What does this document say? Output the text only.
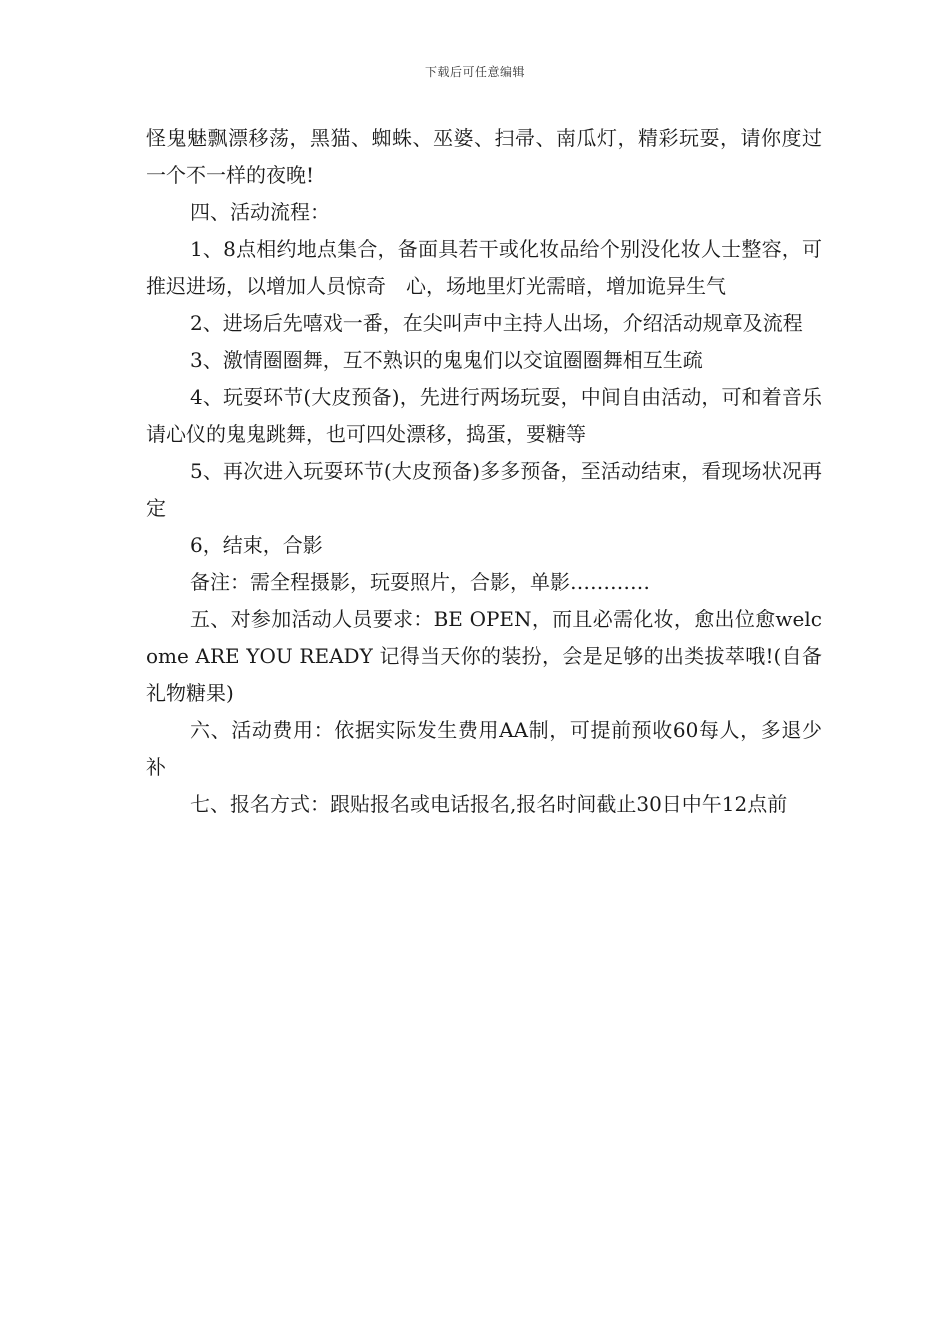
下载后可任意编辑

怪鬼魅飘漂移荡，黑猫、蜘蛛、巫婆、扫帚、南瓜灯，精彩玩耍，请你度过一个不一样的夜晚!

四、活动流程：

1、8点相约地点集合，备面具若干或化妆品给个别没化妆人士整容，可推迟进场，以增加人员惊奇　心，场地里灯光需暗，增加诡异生气

2、进场后先嘻戏一番，在尖叫声中主持人出场，介绍活动规章及流程

3、激情圈圈舞，互不熟识的鬼鬼们以交谊圈圈舞相互生疏

4、玩耍环节(大皮预备)，先进行两场玩耍，中间自由活动，可和着音乐请心仪的鬼鬼跳舞，也可四处漂移，捣蛋，要糖等

5、再次进入玩耍环节(大皮预备)多多预备，至活动结束，看现场状况再定

6，结束，合影

备注：需全程摄影，玩耍照片，合影，单影…………

五、对参加活动人员要求：BE OPEN，而且必需化妆，愈出位愈welcome ARE YOU READY 记得当天你的装扮，会是足够的出类拔萃哦!(自备礼物糖果)

六、活动费用：依据实际发生费用AA制，可提前预收60每人，多退少补

七、报名方式：跟贴报名或电话报名,报名时间截止30日中午12点前
